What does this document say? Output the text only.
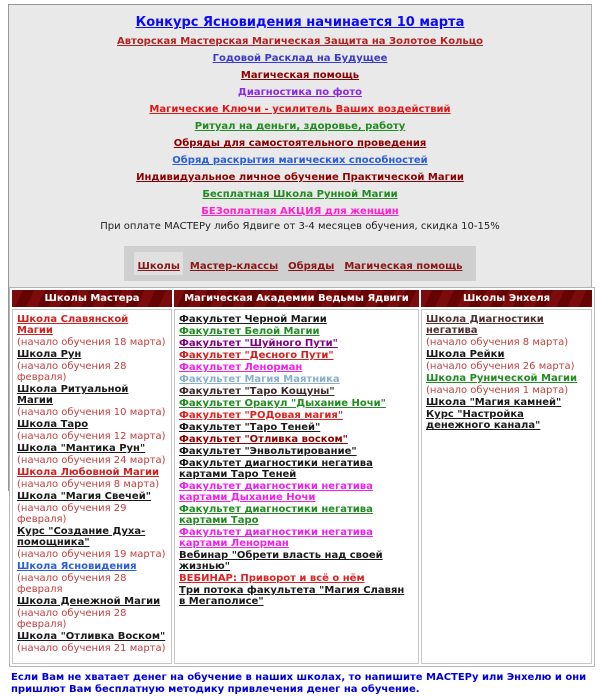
Конкурс Ясновидения начинается 10 марта
Авторская Мастерская Магическая Защита на Золотое Кольцо
Годовой Расклад на Будущее
Магическая помощь
Диагностика по фото
Магические Ключи - усилитель Ваших воздействий
Ритуал на деньги, здоровье, работу
Обряды для самостоятельного проведения
Обряд раскрытия магических способностей
Индивидуальное личное обучение Практической Магии
Бесплатная Школа Рунной Магии
БЕЗоплатная АКЦИЯ для женщин
При оплате МАСТЕРу либо Ядвиге от 3-4 месяцев обучения, скидка 10-15%
Школы Мастер-классы Обряды Магическая помощь
Школы Мастера	Магическая Академии Ведьмы Ядвиги	Школы Энхеля

Школа Славянской Магии
(начало обучения 18 марта)
Школа Рун
(начало обучения 28 февраля)
Школа Ритуальной Магии
(начало обучения 10 марта)
Школа Таро
(начало обучения 12 марта)
Школа "Мантика Рун"
(начало обучения 24 марта)
Школа Любовной Магии
(начало обучения 8 марта)
Школа "Магия Свечей"
(начало обучения 29 февраля)
Курс "Создание Духа-помощника"
(начало обучения 19 марта)
Школа Ясновидения
(начало обучения 28 февраля
Школа Денежной Магии
(начало обучения 28 февраля)
Школа "Отливка Воском"
(начало обучения 21 марта)

Факультет Черной Магии
Факультет Белой Магии
Факультет "Шуйного Пути"
Факультет "Десного Пути"
Факультет Ленорман
Факультет Магия Маятника
Факультет "Таро Кощуны"
Факультет Оракул "Дыхание Ночи"
Факультет "РОДовая магия"
Факультет "Таро Теней"
Факультет "Отливка воском"
Факультет "Энвольтирование"
Факультет диагностики негатива картами Таро Теней
Факультет диагностики негатива картами Дыхание Ночи
Факультет диагностики негатива картами Таро
Факультет диагностики негатива картами Ленорман
Вебинар "Обрети власть над своей жизнью"
ВЕБИНАР: Приворот и всё о нём
Три потока факультета "Магия Славян в Мегаполисе"

Школа Диагностики негатива
(начало обучения 8 марта)
Школа Рейки
(начало обучения 26 марта)
Школа Рунической Магии
(начало обучения 1 марта)
Школа "Магия камней"
Курс "Настройка денежного канала"
Если Вам не хватает денег на обучение в наших школах, то напишите МАСТЕРу или Энхелю и они пришлют Вам бесплатную методику привлечения денег на обучение.
